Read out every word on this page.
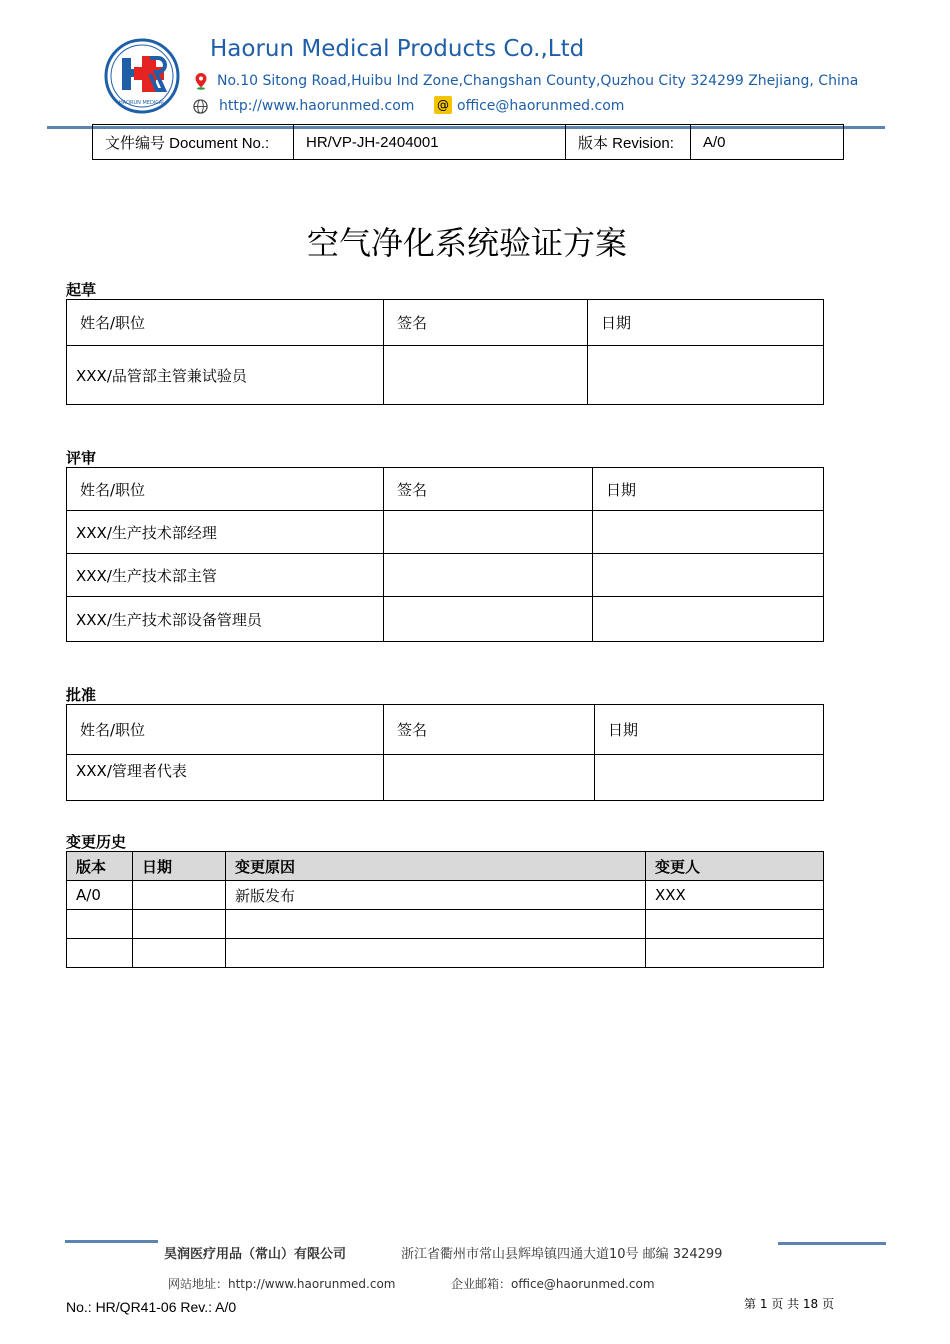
HAORUN MEDICAL
Haorun Medical Products Co.,Ltd
No.10 Sitong Road,Huibu Ind Zone,Changshan County,Quzhou City 324299 Zhejiang, China
http://www.haorunmed.com @ office@haorunmed.com
文件编号 Document No.:	HR/VP-JH-2404001	版本 Revision:	A/0
空气净化系统验证方案
起草
姓名/职位	签名	日期
XXX/品管部主管兼试验员		
评审
姓名/职位	签名	日期
XXX/生产技术部经理		
XXX/生产技术部主管		
XXX/生产技术部设备管理员		
批准
姓名/职位	签名	日期
XXX/管理者代表		
变更历史
版本	日期	变更原因	变更人
A/0		新版发布	XXX

昊润医疗用品（常山）有限公司	浙江省衢州市常山县辉埠镇四通大道10号 邮编 324299
网站地址：http://www.haorunmed.com	企业邮箱：office@haorunmed.com
No.: HR/QR41-06 Rev.: A/0	第 1 页 共 18 页
